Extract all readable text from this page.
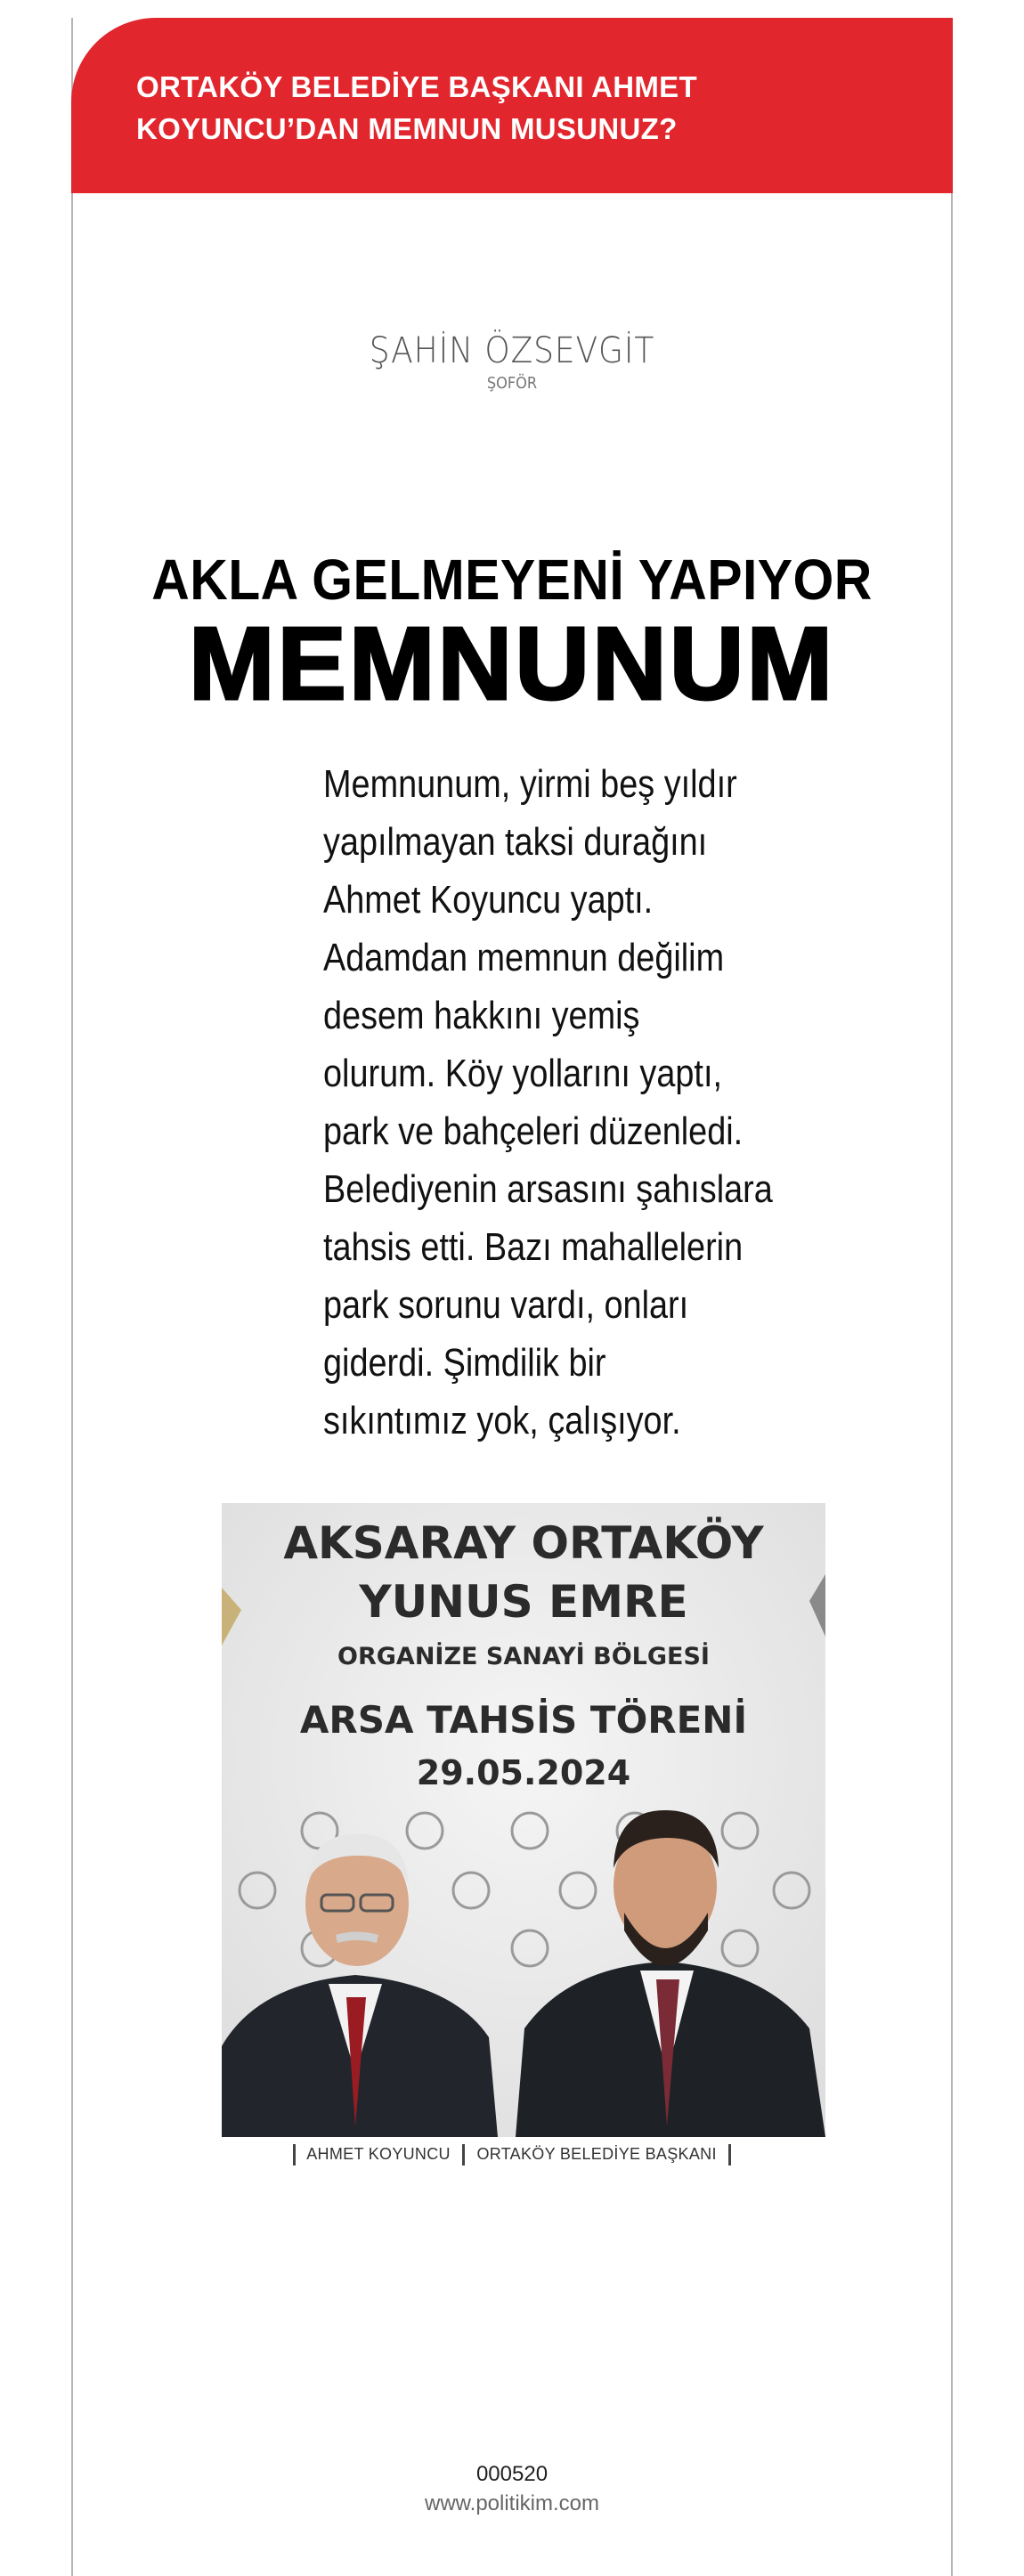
ORTAKÖY BELEDİYE BAŞKANI AHMET
KOYUNCU’DAN MEMNUN MUSUNUZ?

ŞAHİN ÖZSEVGİT
ŞOFÖR
AKLA GELMEYENİ YAPIYOR
MEMNUNUM

Memnunum, yirmi beş yıldır

yapılmayan taksi durağını

Ahmet Koyuncu yaptı.

Adamdan memnun değilim

desem hakkını yemiş

olurum. Köy yollarını yaptı,

park ve bahçeleri düzenledi.

Belediyenin arsasını şahıslara

tahsis etti. Bazı mahallelerin

park sorunu vardı, onları

giderdi. Şimdilik bir

sıkıntımız yok, çalışıyor.

AKSARAY ORTAKÖY
YUNUS EMRE
ORGANİZE SANAYİ BÖLGESİ
ARSA TAHSİS TÖRENİ
29.05.2024
AHMET KOYUNCU ORTAKÖY BELEDİYE BAŞKANI
000520
www.politikim.com
